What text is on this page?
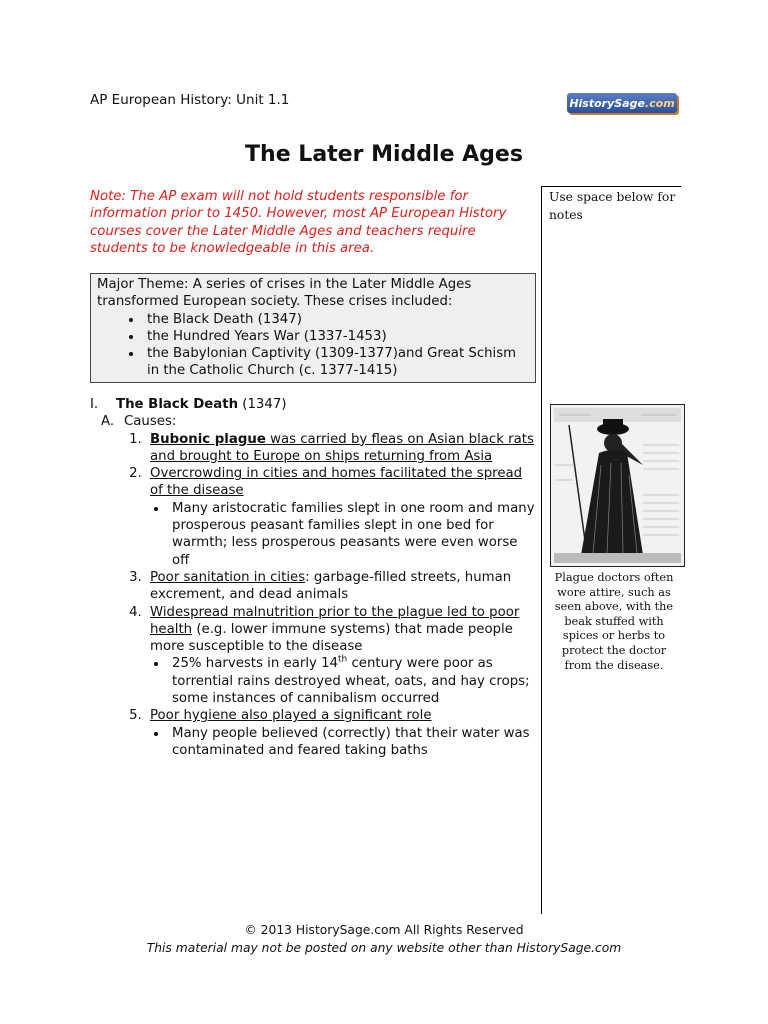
AP European History: Unit 1.1	HistorySage .com
The Later Middle Ages
Note: The AP exam will not hold students responsible for information prior to 1450. However, most AP European History courses cover the Later Middle Ages and teachers require students to be knowledgeable in this area.
Use space below for notes
Major Theme: A series of crises in the Later Middle Ages transformed European society. These crises included:
• the Black Death (1347)
• the Hundred Years War (1337-1453)
• the Babylonian Captivity (1309-1377)and Great Schism in the Catholic Church (c. 1377-1415)
I. The Black Death (1347)
A. Causes:
1. Bubonic plague was carried by fleas on Asian black rats and brought to Europe on ships returning from Asia
2. Overcrowding in cities and homes facilitated the spread of the disease
• Many aristocratic families slept in one room and many prosperous peasant families slept in one bed for warmth; less prosperous peasants were even worse off
3. Poor sanitation in cities: garbage-filled streets, human excrement, and dead animals
4. Widespread malnutrition prior to the plague led to poor health (e.g. lower immune systems) that made people more susceptible to the disease
• 25% harvests in early 14th century were poor as torrential rains destroyed wheat, oats, and hay crops; some instances of cannibalism occurred
5. Poor hygiene also played a significant role
• Many people believed (correctly) that their water was contaminated and feared taking baths
Plague doctors often wore attire, such as seen above, with the beak stuffed with spices or herbs to protect the doctor from the disease.
© 2013 HistorySage.com All Rights Reserved
This material may not be posted on any website other than HistorySage.com
